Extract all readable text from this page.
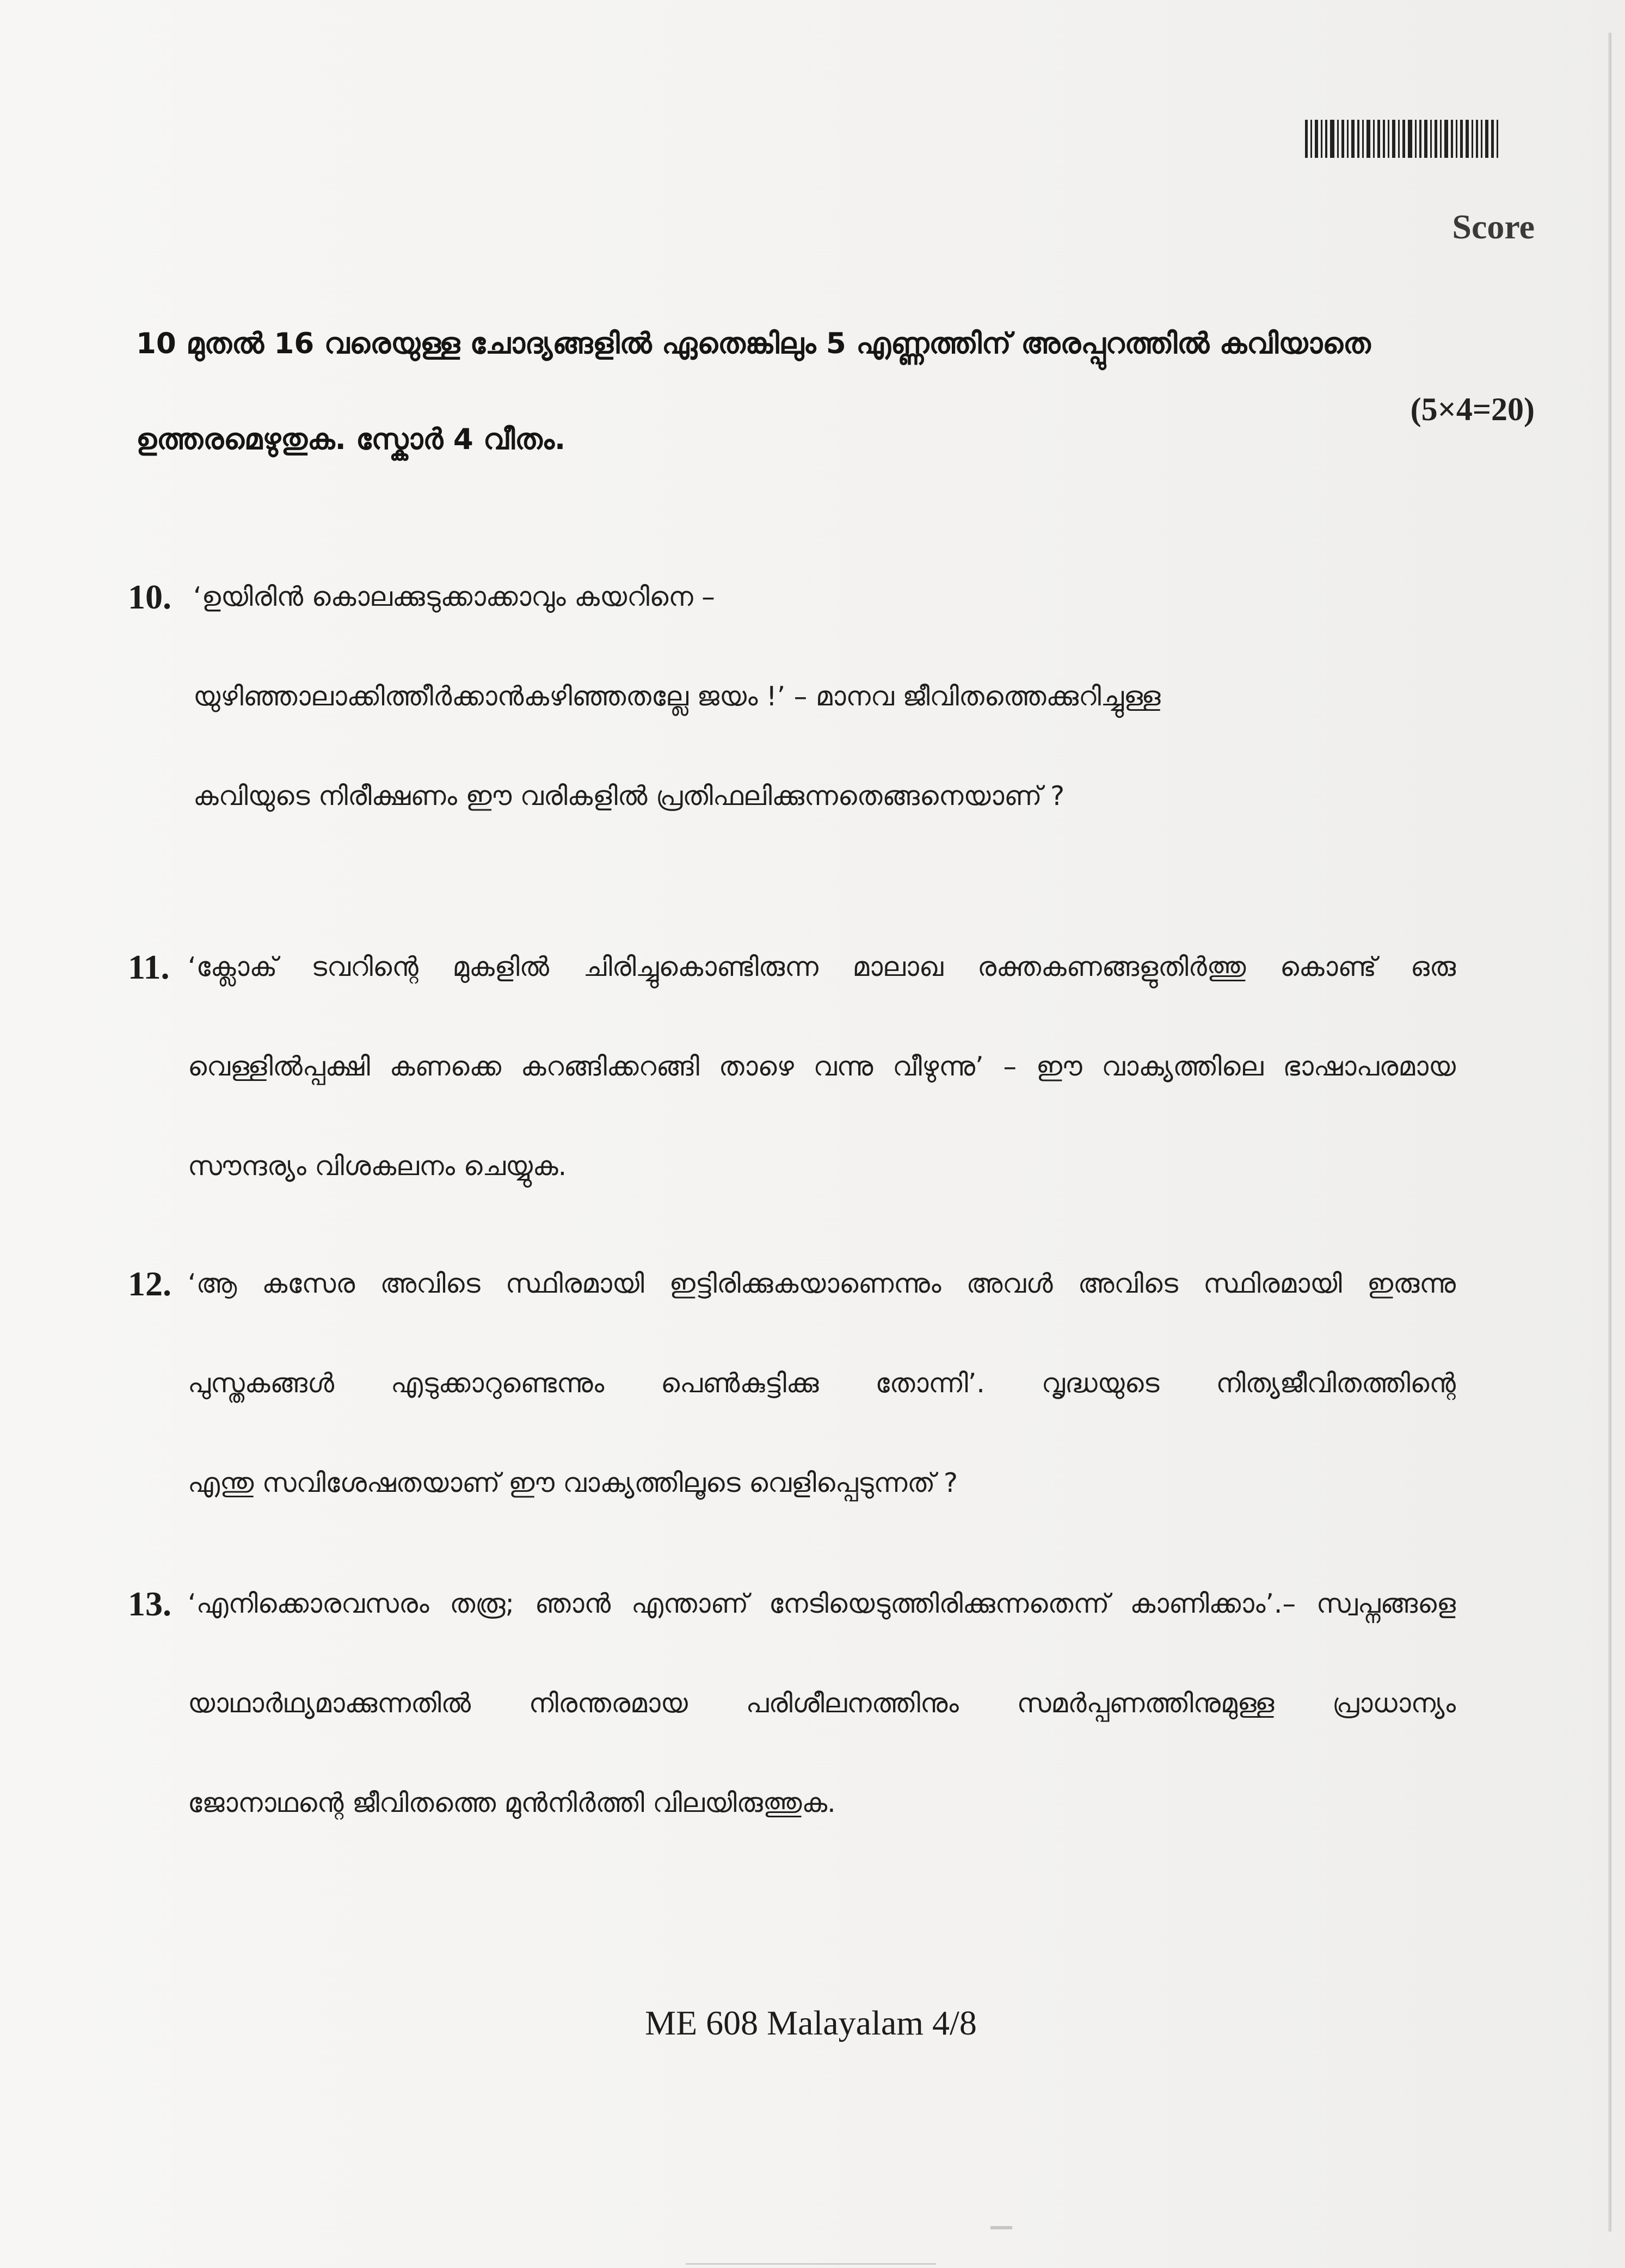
Score
10 മുതൽ 16 വരെയുള്ള ചോദ്യങ്ങളിൽ ഏതെങ്കിലും 5 എണ്ണത്തിന് അരപ്പുറത്തിൽ കവിയാതെ
ഉത്തരമെഴുതുക. സ്കോർ 4 വീതം.
(5×4=20)
10. ‘ഉയിരിൻ കൊലക്കുടുക്കാക്കാവും കയറിനെ –
യുഴിഞ്ഞാലാക്കിത്തീർക്കാൻകഴിഞ്ഞതല്ലേ ജയം !’ – മാനവ ജീവിതത്തെക്കുറിച്ചുള്ള
കവിയുടെ നിരീക്ഷണം ഈ വരികളിൽ പ്രതിഫലിക്കുന്നതെങ്ങനെയാണ് ?
11. ‘ക്ലോക് ടവറിന്റെ മുകളിൽ ചിരിച്ചുകൊണ്ടിരുന്ന മാലാഖ രക്തകണങ്ങളുതിർത്തു കൊണ്ട് ഒരു
വെള്ളിൽപ്പക്ഷി കണക്കെ കറങ്ങിക്കറങ്ങി താഴെ വന്നു വീഴുന്നു’ – ഈ വാക്യത്തിലെ ഭാഷാപരമായ
സൗന്ദര്യം വിശകലനം ചെയ്യുക.
12. ‘ആ കസേര അവിടെ സ്ഥിരമായി ഇട്ടിരിക്കുകയാണെന്നും അവൾ അവിടെ സ്ഥിരമായി ഇരുന്നു
പുസ്തകങ്ങൾ എടുക്കാറുണ്ടെന്നും പെൺകുട്ടിക്കു തോന്നി’. വൃദ്ധയുടെ നിത്യജീവിതത്തിന്റെ
എന്തു സവിശേഷതയാണ് ഈ വാക്യത്തിലൂടെ വെളിപ്പെടുന്നത് ?
13. ‘എനിക്കൊരവസരം തരൂ; ഞാൻ എന്താണ് നേടിയെടുത്തിരിക്കുന്നതെന്ന് കാണിക്കാം’.– സ്വപ്നങ്ങളെ
യാഥാർഥ്യമാക്കുന്നതിൽ നിരന്തരമായ പരിശീലനത്തിനും സമർപ്പണത്തിനുമുള്ള പ്രാധാന്യം
ജോനാഥന്റെ ജീവിതത്തെ മുൻനിർത്തി വിലയിരുത്തുക.
ME 608 Malayalam 4/8
